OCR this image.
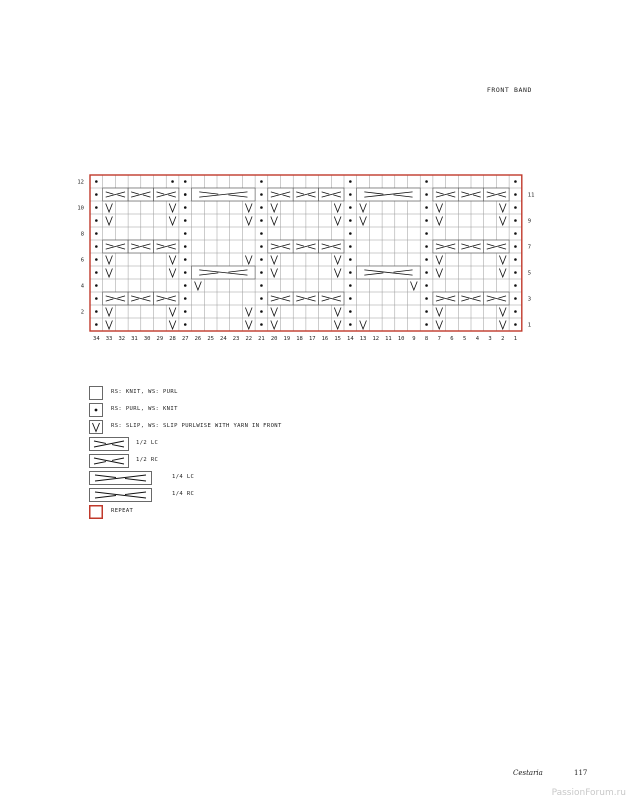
FRONT BAND
34 33 32 31 30 29 28 27 26 25 24 23 22 21 20 19 18 17 16 15 14 13 12 11 10 9 8 7 6 5 4 3 2 1
12
10
8
6
4
2
11
9
7
5
3
1
RS: KNIT, WS: PURL
RS: PURL, WS: KNIT
RS: SLIP, WS: SLIP PURLWISE WITH YARN IN FRONT
1/2 LC
1/2 RC
1/4 LC
1/4 RC
REPEAT
Cestaria	117
PassionForum.ru
